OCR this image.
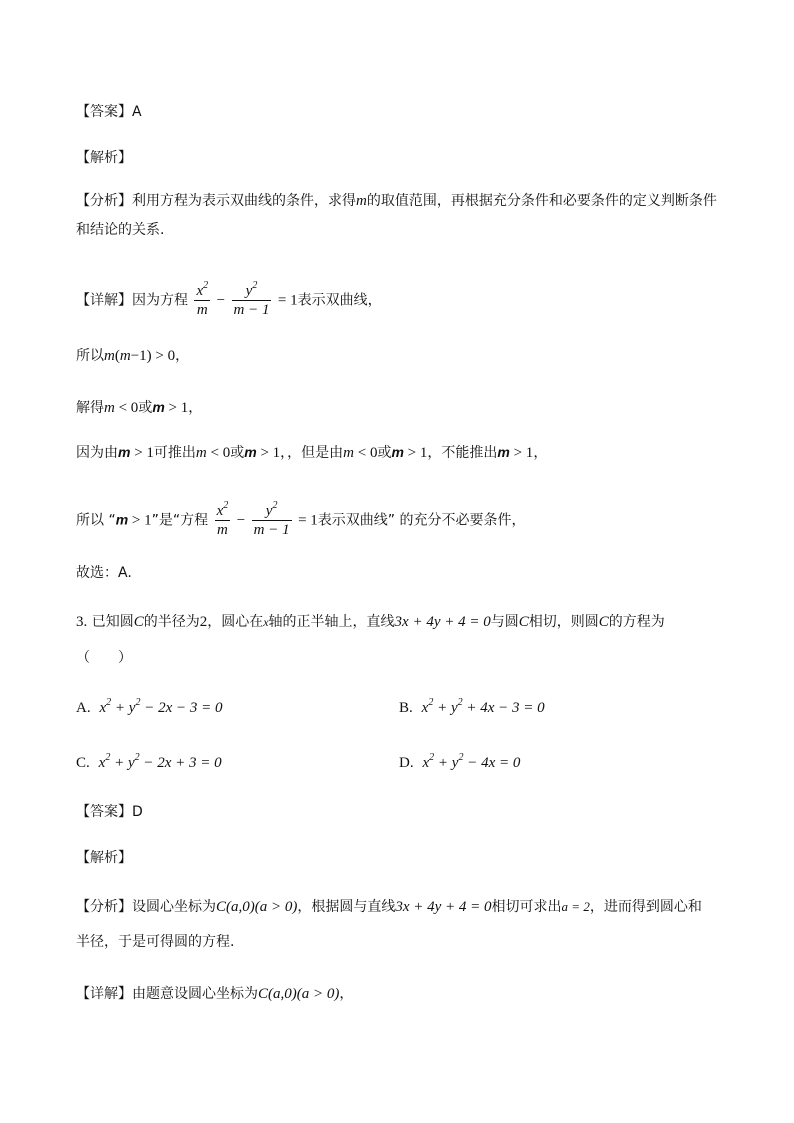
【答案】A
【解析】
【分析】利用方程为表示双曲线的条件，求得m的取值范围，再根据充分条件和必要条件的定义判断条件
和结论的关系.
【详解】因为方程 $\frac{x^2}{m} - \frac{y^2}{m - 1} = 1$表示双曲线，
所以m(m−1) > 0，
解得m < 0或m > 1，
因为由m > 1可推出m < 0或m > 1，，但是由m < 0或m > 1，不能推出m > 1，
所以 “m > 1”是“方程 $\frac{x^2}{m} - \frac{y^2}{m - 1} = 1$表示双曲线” 的充分不必要条件，
故选：A.
3. 已知圆C的半径为2，圆心在x轴的正半轴上，直线3x + 4y + 4 = 0与圆C相切，则圆C的方程为
（　　）
A. $x^2 + y^2 - 2x - 3 = 0$	B. $x^2 + y^2 + 4x - 3 = 0$
C. $x^2 + y^2 - 2x + 3 = 0$	D. $x^2 + y^2 - 4x = 0$
【答案】D
【解析】
【分析】设圆心坐标为C(a,0)(a > 0)，根据圆与直线3x + 4y + 4 = 0相切可求出a = 2，进而得到圆心和
半径，于是可得圆的方程.
【详解】由题意设圆心坐标为C(a,0)(a > 0)，
